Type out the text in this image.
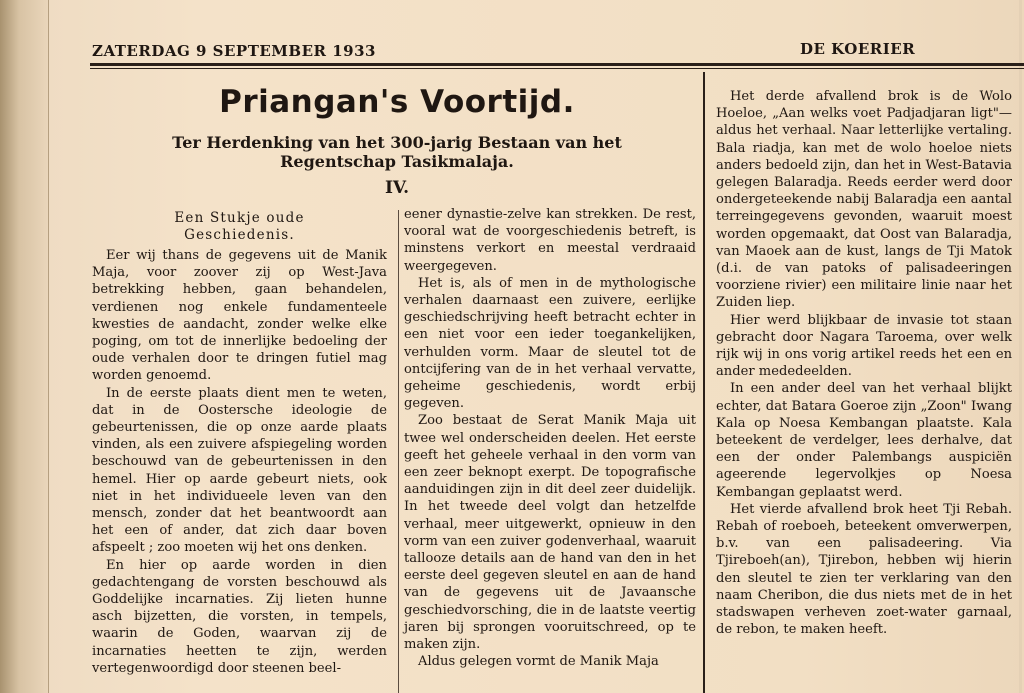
ZATERDAG 9 SEPTEMBER 1933	DE KOERIER
Priangan's Voortijd.
Ter Herdenking van het 300-jarig Bestaan van het
Regentschap Tasikmalaja.
IV.
Een Stukje oude
Geschiedenis.

Eer wij thans de gegevens uit de Manik Maja, voor zoover zij op West-Java betrekking hebben, gaan behandelen, verdienen nog enkele fundamenteele kwesties de aandacht, zonder welke elke poging, om tot de innerlijke bedoeling der oude verhalen door te dringen futiel mag worden genoemd.

In de eerste plaats dient men te weten, dat in de Oostersche ideologie de gebeurtenissen, die op onze aarde plaats vinden, als een zuivere afspiegeling worden beschouwd van de gebeurtenissen in den hemel. Hier op aarde gebeurt niets, ook niet in het individueele leven van den mensch, zonder dat het beantwoordt aan het een of ander, dat zich daar boven afspeelt ; zoo moeten wij het ons denken.

En hier op aarde worden in dien gedachtengang de vorsten beschouwd als Goddelijke incarnaties. Zij lieten hunne asch bijzetten, die vorsten, in tempels, waarin de Goden, waarvan zij de incarnaties heetten te zijn, werden vertegenwoordigd door steenen beel-

eener dynastie-zelve kan strekken. De rest, vooral wat de voorgeschiedenis betreft, is minstens verkort en meestal verdraaid weergegeven.

Het is, als of men in de mythologische verhalen daarnaast een zuivere, eerlijke geschiedschrijving heeft betracht echter in een niet voor een ieder toegankelijken, verhulden vorm. Maar de sleutel tot de ontcijfering van de in het verhaal vervatte, geheime geschiedenis, wordt erbij gegeven.

Zoo bestaat de Serat Manik Maja uit twee wel onderscheiden deelen. Het eerste geeft het geheele verhaal in den vorm van een zeer beknopt exerpt. De topografische aanduidingen zijn in dit deel zeer duidelijk. In het tweede deel volgt dan hetzelfde verhaal, meer uitgewerkt, opnieuw in den vorm van een zuiver godenverhaal, waaruit tallooze details aan de hand van den in het eerste deel gegeven sleutel en aan de hand van de gegevens uit de Javaansche geschiedvorsching, die in de laatste veertig jaren bij sprongen vooruitschreed, op te maken zijn.

Aldus gelegen vormt de Manik Maja

Het derde afvallend brok is de Wolo Hoeloe, „Aan welks voet Padjadjaran ligt"—aldus het verhaal. Naar letterlijke vertaling. Bala riadja, kan met de wolo hoeloe niets anders bedoeld zijn, dan het in West-Batavia gelegen Balaradja. Reeds eerder werd door ondergeteekende nabij Balaradja een aantal terreingegevens gevonden, waaruit moest worden opgemaakt, dat Oost van Balaradja, van Maoek aan de kust, langs de Tji Matok (d.i. de van patoks of palisadeeringen voorziene rivier) een militaire linie naar het Zuiden liep.

Hier werd blijkbaar de invasie tot staan gebracht door Nagara Taroema, over welk rijk wij in ons vorig artikel reeds het een en ander mededeelden.

In een ander deel van het verhaal blijkt echter, dat Batara Goeroe zijn „Zoon" Iwang Kala op Noesa Kembangan plaatste. Kala beteekent de verdelger, lees derhalve, dat een der onder Palembangs auspiciën ageerende legervolkjes op Noesa Kembangan geplaatst werd.

Het vierde afvallend brok heet Tji Rebah. Rebah of roeboeh, beteekent omverwerpen, b.v. van een palisadeering. Via Tjireboeh(an), Tjirebon, hebben wij hierin den sleutel te zien ter verklaring van den naam Cheribon, die dus niets met de in het stadswapen verheven zoet-water garnaal, de rebon, te maken heeft.
